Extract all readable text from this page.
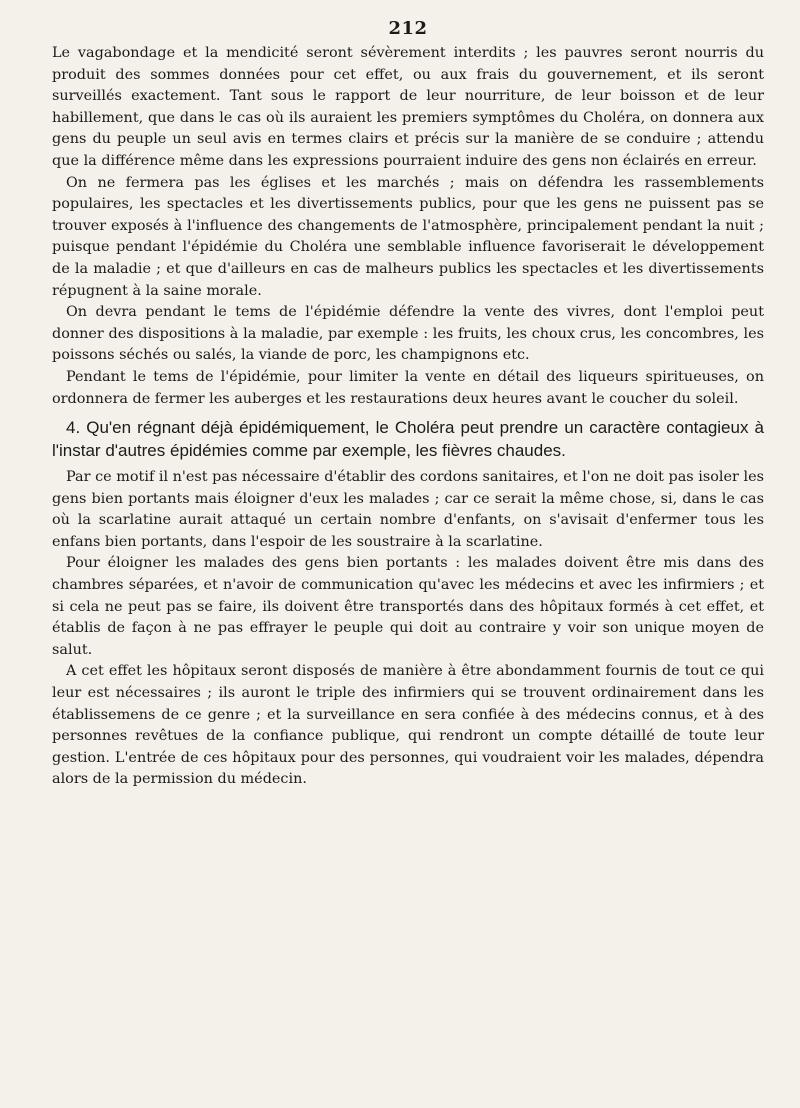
212

Le vagabondage et la mendicité seront sévèrement interdits ; les pauvres seront nourris du produit des sommes données pour cet effet, ou aux frais du gouvernement, et ils seront surveillés exactement. Tant sous le rapport de leur nourriture, de leur boisson et de leur habillement, que dans le cas où ils auraient les premiers symptômes du Choléra, on donnera aux gens du peuple un seul avis en termes clairs et précis sur la manière de se conduire ; attendu que la différence même dans les expressions pourraient induire des gens non éclairés en erreur.

On ne fermera pas les églises et les marchés ; mais on défendra les rassemblements populaires, les spectacles et les divertissements publics, pour que les gens ne puissent pas se trouver exposés à l'influence des changements de l'atmosphère, principalement pendant la nuit ; puisque pendant l'épidémie du Choléra une semblable influence favoriserait le développement de la maladie ; et que d'ailleurs en cas de malheurs publics les spectacles et les divertissements répugnent à la saine morale.

On devra pendant le tems de l'épidémie défendre la vente des vivres, dont l'emploi peut donner des dispositions à la maladie, par exemple : les fruits, les choux crus, les concombres, les poissons séchés ou salés, la viande de porc, les champignons etc.

Pendant le tems de l'épidémie, pour limiter la vente en détail des liqueurs spiritueuses, on ordonnera de fermer les auberges et les restaurations deux heures avant le coucher du soleil.

4. Qu'en régnant déjà épidémiquement, le Choléra peut prendre un caractère contagieux à l'instar d'autres épidémies comme par exemple, les fièvres chaudes.

Par ce motif il n'est pas nécessaire d'établir des cordons sanitaires, et l'on ne doit pas isoler les gens bien portants mais éloigner d'eux les malades ; car ce serait la même chose, si, dans le cas où la scarlatine aurait attaqué un certain nombre d'enfants, on s'avisait d'enfermer tous les enfans bien portants, dans l'espoir de les soustraire à la scarlatine.

Pour éloigner les malades des gens bien portants : les malades doivent être mis dans des chambres séparées, et n'avoir de communication qu'avec les médecins et avec les infirmiers ; et si cela ne peut pas se faire, ils doivent être transportés dans des hôpitaux formés à cet effet, et établis de façon à ne pas effrayer le peuple qui doit au contraire y voir son unique moyen de salut.

A cet effet les hôpitaux seront disposés de manière à être abondamment fournis de tout ce qui leur est nécessaires ; ils auront le triple des infirmiers qui se trouvent ordinairement dans les établissemens de ce genre ; et la surveillance en sera confiée à des médecins connus, et à des personnes revêtues de la confiance publique, qui rendront un compte détaillé de toute leur gestion. L'entrée de ces hôpitaux pour des personnes, qui voudraient voir les malades, dépendra alors de la permission du médecin.
